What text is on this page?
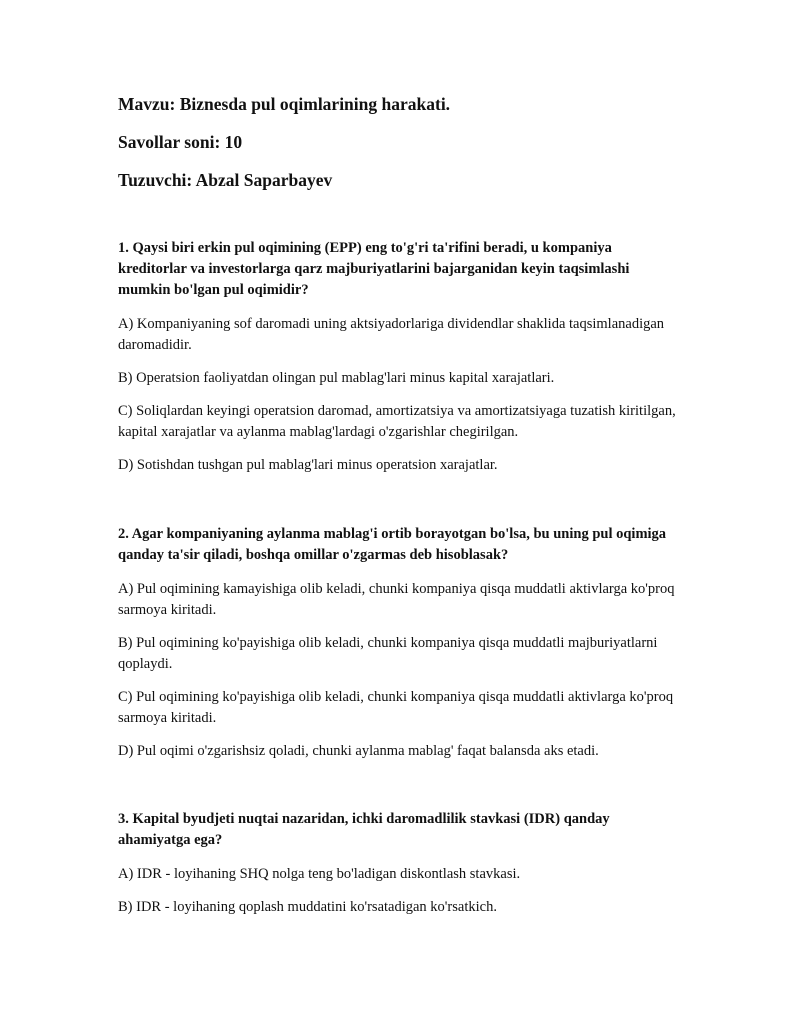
Mavzu: Biznesda pul oqimlarining harakati.

Savollar soni: 10

Tuzuvchi: Abzal Saparbayev

1. Qaysi biri erkin pul oqimining (EPP) eng to'g'ri ta'rifini beradi, u kompaniya kreditorlar va investorlarga qarz majburiyatlarini bajarganidan keyin taqsimlashi mumkin bo'lgan pul oqimidir?

A) Kompaniyaning sof daromadi uning aktsiyadorlariga dividendlar shaklida taqsimlanadigan daromadidir.

B) Operatsion faoliyatdan olingan pul mablag'lari minus kapital xarajatlari.

C) Soliqlardan keyingi operatsion daromad, amortizatsiya va amortizatsiyaga tuzatish kiritilgan, kapital xarajatlar va aylanma mablag'lardagi o'zgarishlar chegirilgan.

D) Sotishdan tushgan pul mablag'lari minus operatsion xarajatlar.

2. Agar kompaniyaning aylanma mablag'i ortib borayotgan bo'lsa, bu uning pul oqimiga qanday ta'sir qiladi, boshqa omillar o'zgarmas deb hisoblasak?

A) Pul oqimining kamayishiga olib keladi, chunki kompaniya qisqa muddatli aktivlarga ko'proq sarmoya kiritadi.

B) Pul oqimining ko'payishiga olib keladi, chunki kompaniya qisqa muddatli majburiyatlarni qoplaydi.

C) Pul oqimining ko'payishiga olib keladi, chunki kompaniya qisqa muddatli aktivlarga ko'proq sarmoya kiritadi.

D) Pul oqimi o'zgarishsiz qoladi, chunki aylanma mablag' faqat balansda aks etadi.

3. Kapital byudjeti nuqtai nazaridan, ichki daromadlilik stavkasi (IDR) qanday ahamiyatga ega?

A) IDR - loyihaning SHQ nolga teng bo'ladigan diskontlash stavkasi.

B) IDR - loyihaning qoplash muddatini ko'rsatadigan ko'rsatkich.
